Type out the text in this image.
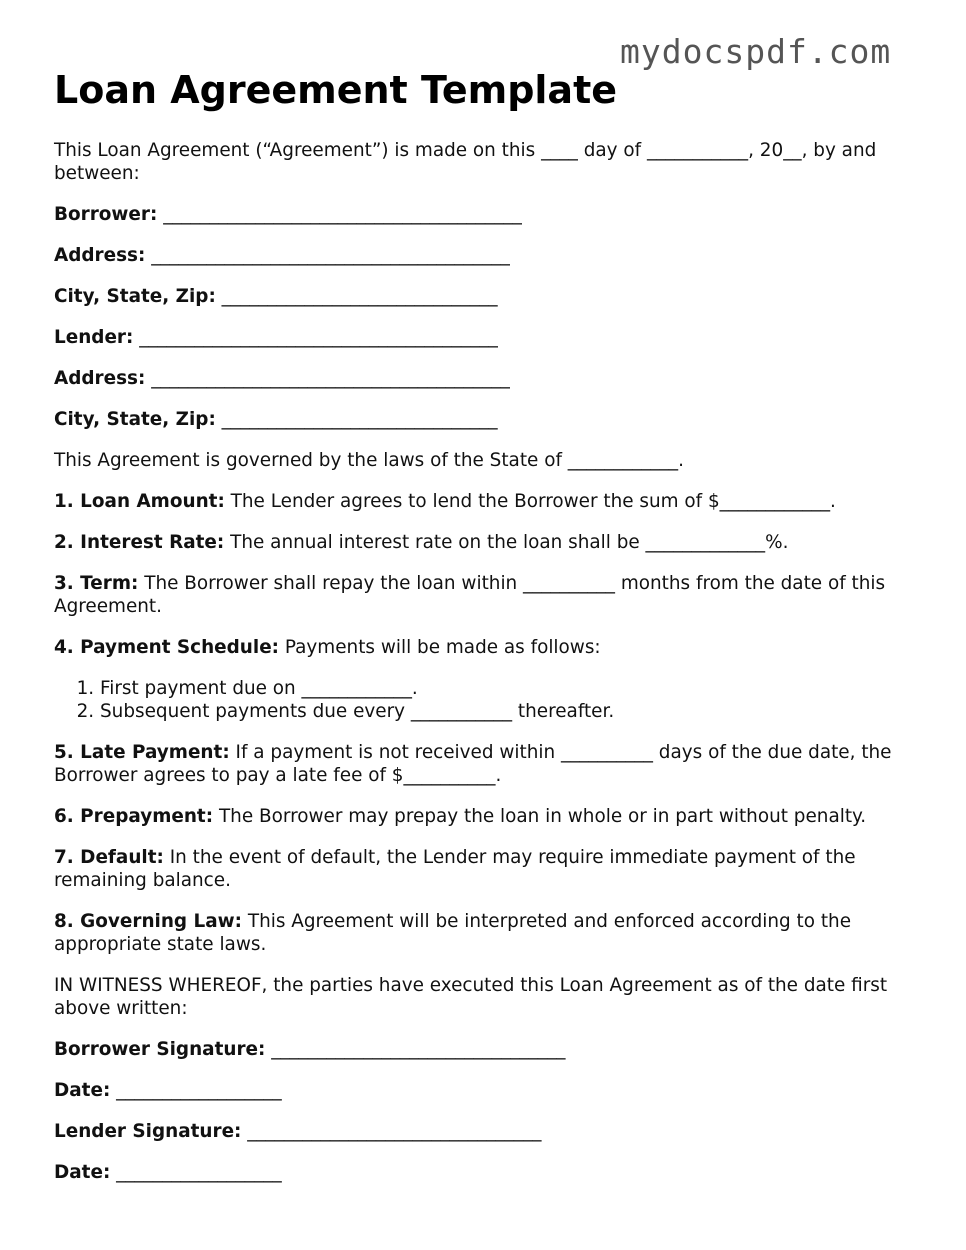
mydocspdf.com
Loan Agreement Template

This Loan Agreement (“Agreement”) is made on this ____ day of ___________, 20__, by and between:

Borrower: _______________________________________

Address: _______________________________________

City, State, Zip: ______________________________

Lender: _______________________________________

Address: _______________________________________

City, State, Zip: ______________________________

This Agreement is governed by the laws of the State of ____________.

1. Loan Amount: The Lender agrees to lend the Borrower the sum of $____________.

2. Interest Rate: The annual interest rate on the loan shall be _____________%.

3. Term: The Borrower shall repay the loan within __________ months from the date of this Agreement.

4. Payment Schedule: Payments will be made as follows:

1. First payment due on ____________.
2. Subsequent payments due every ___________ thereafter.

5. Late Payment: If a payment is not received within __________ days of the due date, the Borrower agrees to pay a late fee of $__________.

6. Prepayment: The Borrower may prepay the loan in whole or in part without penalty.

7. Default: In the event of default, the Lender may require immediate payment of the remaining balance.

8. Governing Law: This Agreement will be interpreted and enforced according to the appropriate state laws.

IN WITNESS WHEREOF, the parties have executed this Loan Agreement as of the date first above written:

Borrower Signature: ________________________________

Date: __________________

Lender Signature: ________________________________

Date: __________________
